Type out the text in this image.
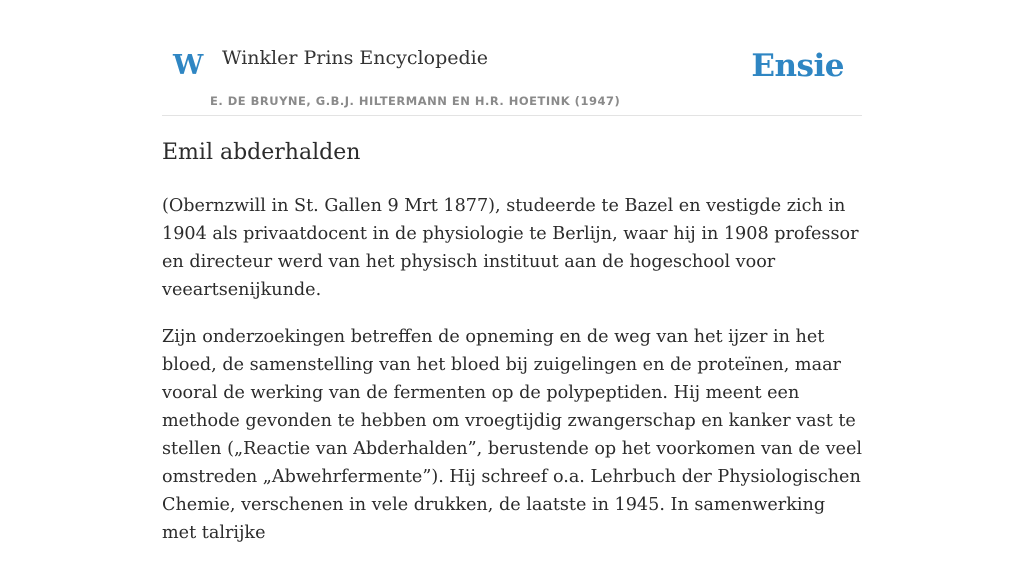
W Winkler Prins Encyclopedie
E. DE BRUYNE, G.B.J. HILTERMANN EN H.R. HOETINK (1947)
Ensie
Emil abderhalden

(Obernzwill in St. Gallen 9 Mrt 1877), studeerde te Bazel en vestigde zich in 1904 als privaatdocent in de physiologie te Berlijn, waar hij in 1908 professor en directeur werd van het physisch instituut aan de hogeschool voor veeartsenijkunde.

Zijn onderzoekingen betreffen de opneming en de weg van het ijzer in het bloed, de samenstelling van het bloed bij zuigelingen en de proteïnen, maar vooral de werking van de fermenten op de polypeptiden. Hij meent een methode gevonden te hebben om vroegtijdig zwangerschap en kanker vast te stellen („Reactie van Abderhalden”, berustende op het voorkomen van de veel omstreden „Abwehrfermente”). Hij schreef o.a. Lehrbuch der Physiologischen Chemie, verschenen in vele drukken, de laatste in 1945. In samenwerking met talrijke
